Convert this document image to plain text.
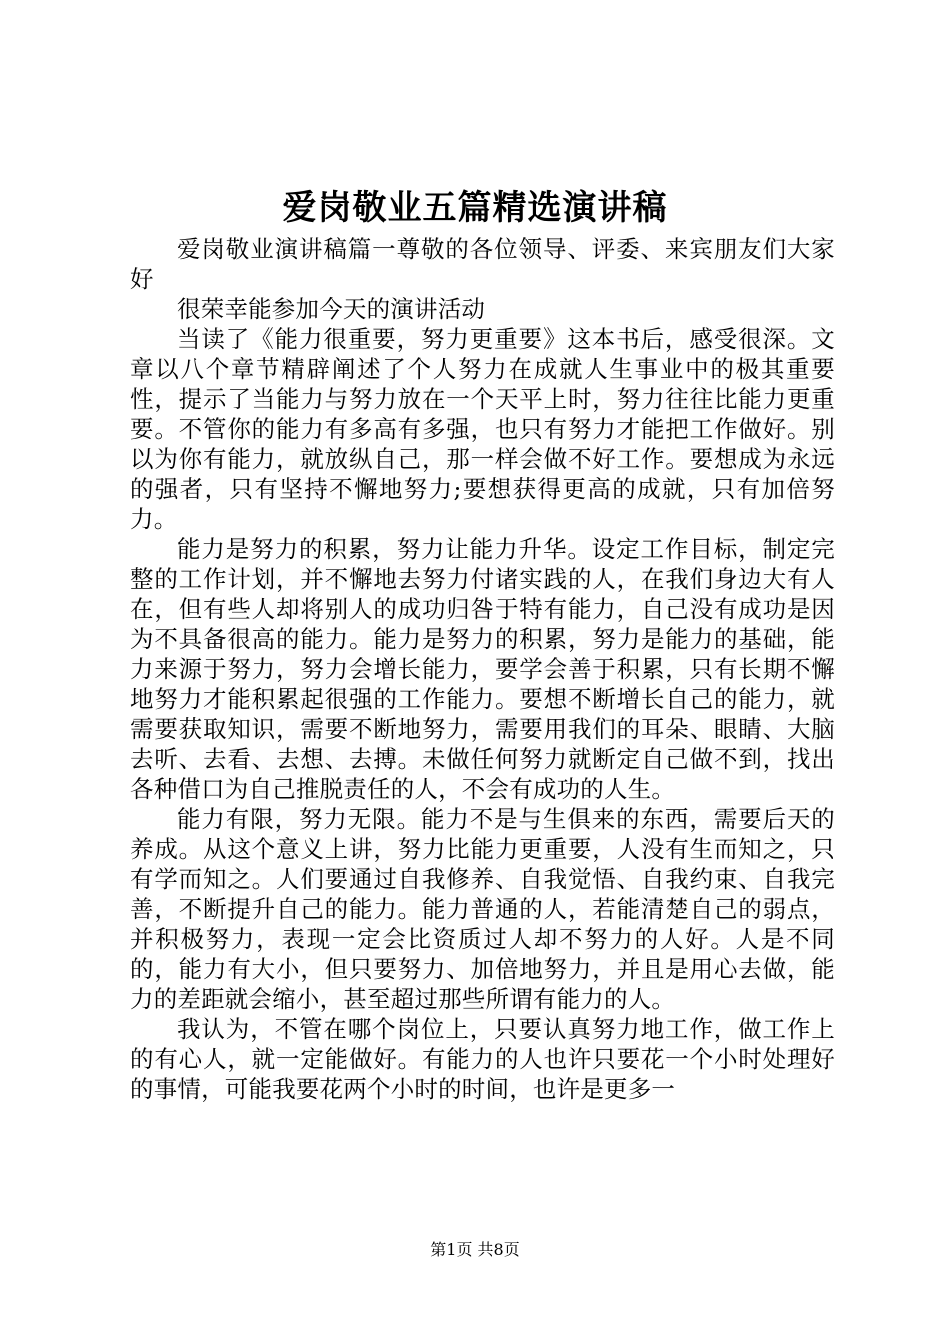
爱岗敬业五篇精选演讲稿

爱岗敬业演讲稿篇一尊敬的各位领导、评委、来宾朋友们大家好

很荣幸能参加今天的演讲活动

当读了《能力很重要，努力更重要》这本书后，感受很深。文章以八个章节精辟阐述了个人努力在成就人生事业中的极其重要性，提示了当能力与努力放在一个天平上时，努力往往比能力更重要。不管你的能力有多高有多强，也只有努力才能把工作做好。别以为你有能力，就放纵自己，那一样会做不好工作。要想成为永远的强者，只有坚持不懈地努力;要想获得更高的成就，只有加倍努力。

能力是努力的积累，努力让能力升华。设定工作目标，制定完整的工作计划，并不懈地去努力付诸实践的人，在我们身边大有人在，但有些人却将别人的成功归咎于特有能力，自己没有成功是因为不具备很高的能力。能力是努力的积累，努力是能力的基础，能力来源于努力，努力会增长能力，要学会善于积累，只有长期不懈地努力才能积累起很强的工作能力。要想不断增长自己的能力，就需要获取知识，需要不断地努力，需要用我们的耳朵、眼睛、大脑去听、去看、去想、去搏。未做任何努力就断定自己做不到，找出各种借口为自己推脱责任的人，不会有成功的人生。

能力有限，努力无限。能力不是与生俱来的东西，需要后天的养成。从这个意义上讲，努力比能力更重要，人没有生而知之，只有学而知之。人们要通过自我修养、自我觉悟、自我约束、自我完善，不断提升自己的能力。能力普通的人，若能清楚自己的弱点，并积极努力，表现一定会比资质过人却不努力的人好。人是不同的，能力有大小，但只要努力、加倍地努力，并且是用心去做，能力的差距就会缩小，甚至超过那些所谓有能力的人。

我认为，不管在哪个岗位上，只要认真努力地工作，做工作上的有心人，就一定能做好。有能力的人也许只要花一个小时处理好的事情，可能我要花两个小时的时间，也许是更多一

第1页 共8页
